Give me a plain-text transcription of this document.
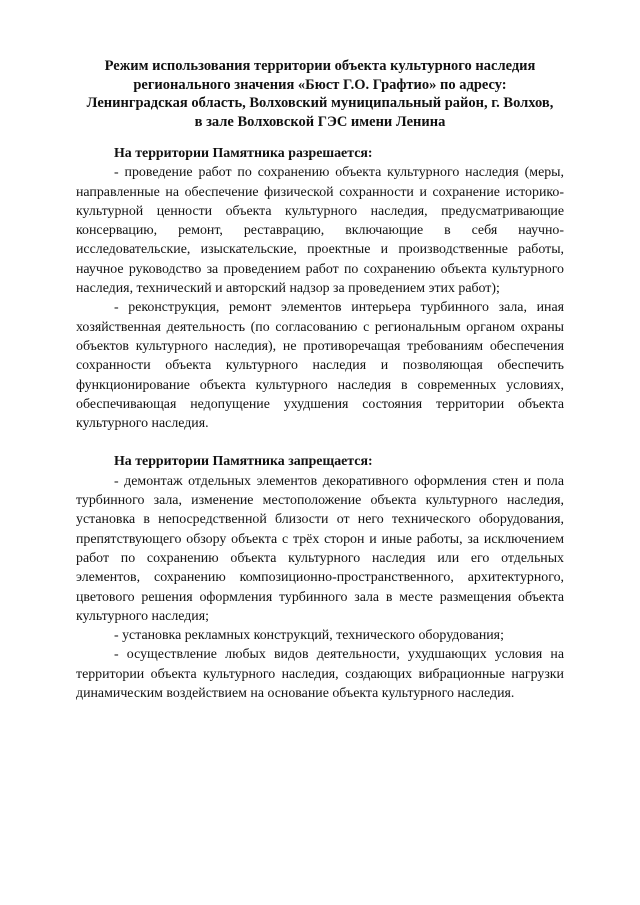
Режим использования территории объекта культурного наследия
регионального значения «Бюст Г.О. Графтио» по адресу:
Ленинградская область, Волховский муниципальный район, г. Волхов,
в зале Волховской ГЭС имени Ленина

На территории Памятника разрешается:

- проведение работ по сохранению объекта культурного наследия (меры, направленные на обеспечение физической сохранности и сохранение историко-культурной ценности объекта культурного наследия, предусматривающие консервацию, ремонт, реставрацию, включающие в себя научно-исследовательские, изыскательские, проектные и производственные работы, научное руководство за проведением работ по сохранению объекта культурного наследия, технический и авторский надзор за проведением этих работ);

- реконструкция, ремонт элементов интерьера турбинного зала, иная хозяйственная деятельность (по согласованию с региональным органом охраны объектов культурного наследия), не противоречащая требованиям обеспечения сохранности объекта культурного наследия и позволяющая обеспечить функционирование объекта культурного наследия в современных условиях, обеспечивающая недопущение ухудшения состояния территории объекта культурного наследия.

На территории Памятника запрещается:

- демонтаж отдельных элементов декоративного оформления стен и пола турбинного зала, изменение местоположение объекта культурного наследия, установка в непосредственной близости от него технического оборудования, препятствующего обзору объекта с трёх сторон и иные работы, за исключением работ по сохранению объекта культурного наследия или его отдельных элементов, сохранению композиционно-пространственного, архитектурного, цветового решения оформления турбинного зала в месте размещения объекта культурного наследия;

- установка рекламных конструкций, технического оборудования;

- осуществление любых видов деятельности, ухудшающих условия на территории объекта культурного наследия, создающих вибрационные нагрузки динамическим воздействием на основание объекта культурного наследия.
